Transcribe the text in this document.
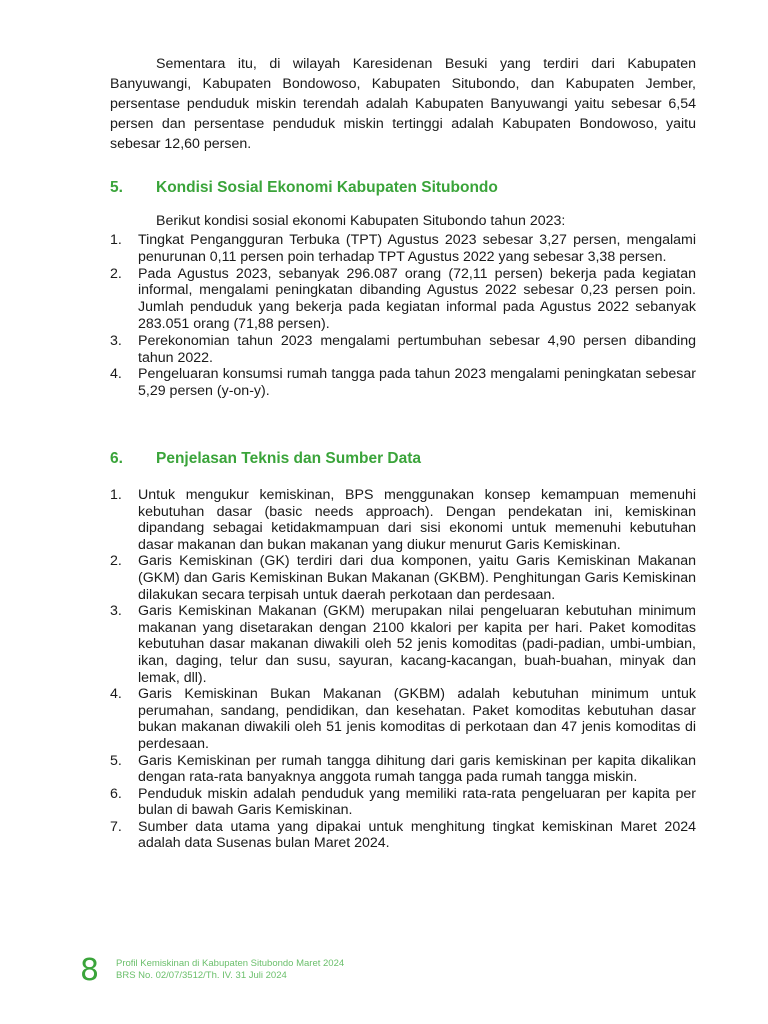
Sementara itu, di wilayah Karesidenan Besuki yang terdiri dari Kabupaten Banyuwangi, Kabupaten Bondowoso, Kabupaten Situbondo, dan Kabupaten Jember, persentase penduduk miskin terendah adalah Kabupaten Banyuwangi yaitu sebesar 6,54 persen dan persentase penduduk miskin tertinggi adalah Kabupaten Bondowoso, yaitu sebesar 12,60 persen.

5. Kondisi Sosial Ekonomi Kabupaten Situbondo

Berikut kondisi sosial ekonomi Kabupaten Situbondo tahun 2023:

1. Tingkat Pengangguran Terbuka (TPT) Agustus 2023 sebesar 3,27 persen, mengalami penurunan 0,11 persen poin terhadap TPT Agustus 2022 yang sebesar 3,38 persen.
2. Pada Agustus 2023, sebanyak 296.087 orang (72,11 persen) bekerja pada kegiatan informal, mengalami peningkatan dibanding Agustus 2022 sebesar 0,23 persen poin. Jumlah penduduk yang bekerja pada kegiatan informal pada Agustus 2022 sebanyak 283.051 orang (71,88 persen).
3. Perekonomian tahun 2023 mengalami pertumbuhan sebesar 4,90 persen dibanding tahun 2022.
4. Pengeluaran konsumsi rumah tangga pada tahun 2023 mengalami peningkatan sebesar 5,29 persen (y-on-y).
6. Penjelasan Teknis dan Sumber Data
1. Untuk mengukur kemiskinan, BPS menggunakan konsep kemampuan memenuhi kebutuhan dasar (basic needs approach). Dengan pendekatan ini, kemiskinan dipandang sebagai ketidakmampuan dari sisi ekonomi untuk memenuhi kebutuhan dasar makanan dan bukan makanan yang diukur menurut Garis Kemiskinan.
2. Garis Kemiskinan (GK) terdiri dari dua komponen, yaitu Garis Kemiskinan Makanan (GKM) dan Garis Kemiskinan Bukan Makanan (GKBM). Penghitungan Garis Kemiskinan dilakukan secara terpisah untuk daerah perkotaan dan perdesaan.
3. Garis Kemiskinan Makanan (GKM) merupakan nilai pengeluaran kebutuhan minimum makanan yang disetarakan dengan 2100 kkalori per kapita per hari. Paket komoditas kebutuhan dasar makanan diwakili oleh 52 jenis komoditas (padi-padian, umbi-umbian, ikan, daging, telur dan susu, sayuran, kacang-kacangan, buah-buahan, minyak dan lemak, dll).
4. Garis Kemiskinan Bukan Makanan (GKBM) adalah kebutuhan minimum untuk perumahan, sandang, pendidikan, dan kesehatan. Paket komoditas kebutuhan dasar bukan makanan diwakili oleh 51 jenis komoditas di perkotaan dan 47 jenis komoditas di perdesaan.
5. Garis Kemiskinan per rumah tangga dihitung dari garis kemiskinan per kapita dikalikan dengan rata-rata banyaknya anggota rumah tangga pada rumah tangga miskin.
6. Penduduk miskin adalah penduduk yang memiliki rata-rata pengeluaran per kapita per bulan di bawah Garis Kemiskinan.
7. Sumber data utama yang dipakai untuk menghitung tingkat kemiskinan Maret 2024 adalah data Susenas bulan Maret 2024.
8	Profil Kemiskinan di Kabupaten Situbondo Maret 2024
BRS No. 02/07/3512/Th. IV. 31 Juli 2024
